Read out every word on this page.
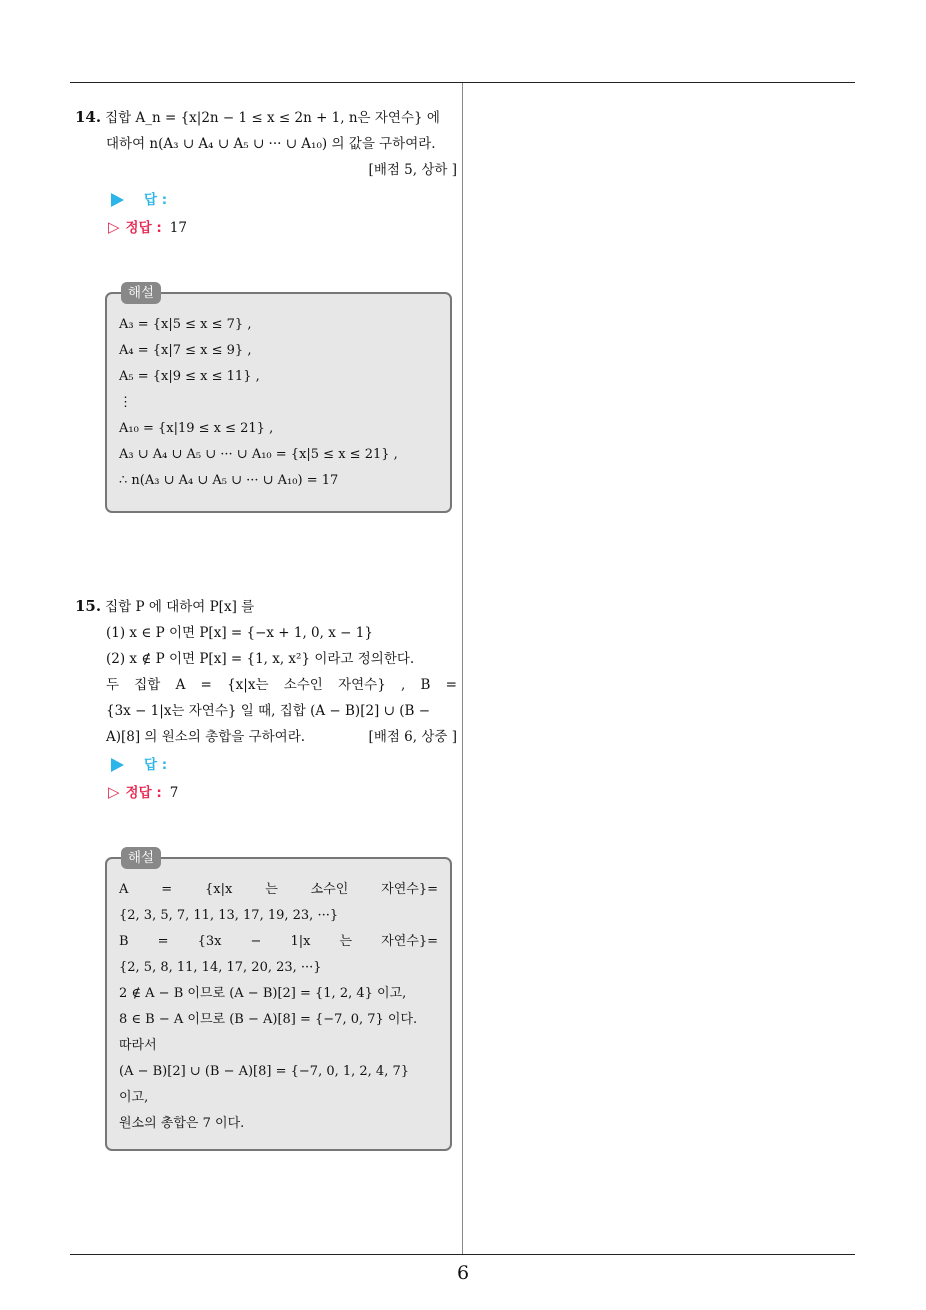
14. 집합 A_n = {x|2n − 1 ≤ x ≤ 2n + 1, n은 자연수} 에
대하여 n(A₃ ∪ A₄ ∪ A₅ ∪ ··· ∪ A₁₀) 의 값을 구하여라.
[배점 5, 상하 ]
답 :
▷ 정답 : 17
해설
A₃ = {x|5 ≤ x ≤ 7} ,
A₄ = {x|7 ≤ x ≤ 9} ,
A₅ = {x|9 ≤ x ≤ 11} ,
⋮
A₁₀ = {x|19 ≤ x ≤ 21} ,
A₃ ∪ A₄ ∪ A₅ ∪ ··· ∪ A₁₀ = {x|5 ≤ x ≤ 21} ,
∴ n(A₃ ∪ A₄ ∪ A₅ ∪ ··· ∪ A₁₀) = 17
15. 집합 P 에 대하여 P[x] 를
(1) x ∈ P 이면 P[x] = {−x + 1, 0, x − 1}
(2) x ∉ P 이면 P[x] = {1, x, x²} 이라고 정의한다.
두 집합 A = {x|x는 소수인 자연수} , B =
{3x − 1|x는 자연수} 일 때, 집합 (A − B)[2] ∪ (B −
A)[8] 의 원소의 총합을 구하여라.	[배점 6, 상중 ]
답 :
▷ 정답 : 7
해설
A = {x|x 는 소수인 자연수}=
{2, 3, 5, 7, 11, 13, 17, 19, 23, ···}
B = {3x − 1|x 는 자연수}=
{2, 5, 8, 11, 14, 17, 20, 23, ···}
2 ∉ A − B 이므로 (A − B)[2] = {1, 2, 4} 이고,
8 ∈ B − A 이므로 (B − A)[8] = {−7, 0, 7} 이다.
따라서
(A − B)[2] ∪ (B − A)[8] = {−7, 0, 1, 2, 4, 7}
이고,
원소의 총합은 7 이다.
6
